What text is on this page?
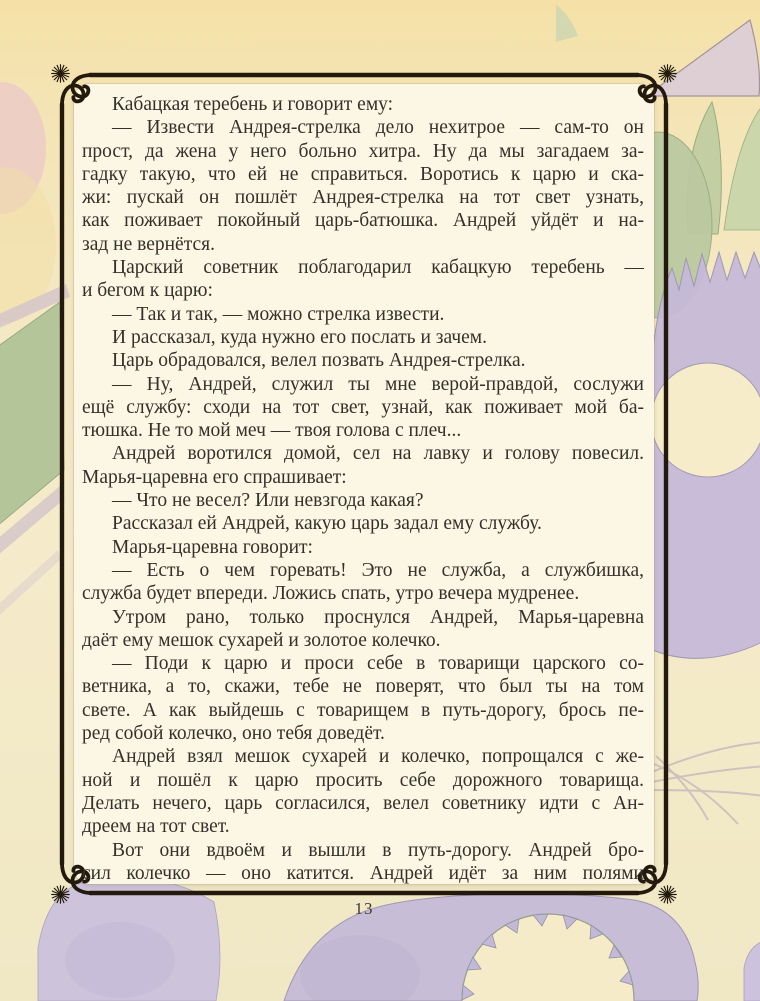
Кабацкая теребень и говорит ему:
— Извести Андрея-стрелка дело нехитрое — сам-то он
прост, да жена у него больно хитра. Ну да мы загадаем за-
гадку такую, что ей не справиться. Воротись к царю и ска-
жи: пускай он пошлёт Андрея-стрелка на тот свет узнать,
как поживает покойный царь-батюшка. Андрей уйдёт и на-
зад не вернётся.
Царский советник поблагодарил кабацкую теребень —
и бегом к царю:
— Так и так, — можно стрелка извести.
И рассказал, куда нужно его послать и зачем.
Царь обрадовался, велел позвать Андрея-стрелка.
— Ну, Андрей, служил ты мне верой-правдой, сослужи
ещё службу: сходи на тот свет, узнай, как поживает мой ба-
тюшка. Не то мой меч — твоя голова с плеч...
Андрей воротился домой, сел на лавку и голову повесил.
Марья-царевна его спрашивает:
— Что не весел? Или невзгода какая?
Рассказал ей Андрей, какую царь задал ему службу.
Марья-царевна говорит:
— Есть о чем горевать! Это не служба, а службишка,
служба будет впереди. Ложись спать, утро вечера мудренее.
Утром рано, только проснулся Андрей, Марья-царевна
даёт ему мешок сухарей и золотое колечко.
— Поди к царю и проси себе в товарищи царского со-
ветника, а то, скажи, тебе не поверят, что был ты на том
свете. А как выйдешь с товарищем в путь-дорогу, брось пе-
ред собой колечко, оно тебя доведёт.
Андрей взял мешок сухарей и колечко, попрощался с же-
ной и пошёл к царю просить себе дорожного товарища.
Делать нечего, царь согласился, велел советнику идти с Ан-
дреем на тот свет.
Вот они вдвоём и вышли в путь-дорогу. Андрей бро-
сил колечко — оно катится. Андрей идёт за ним полями
13
